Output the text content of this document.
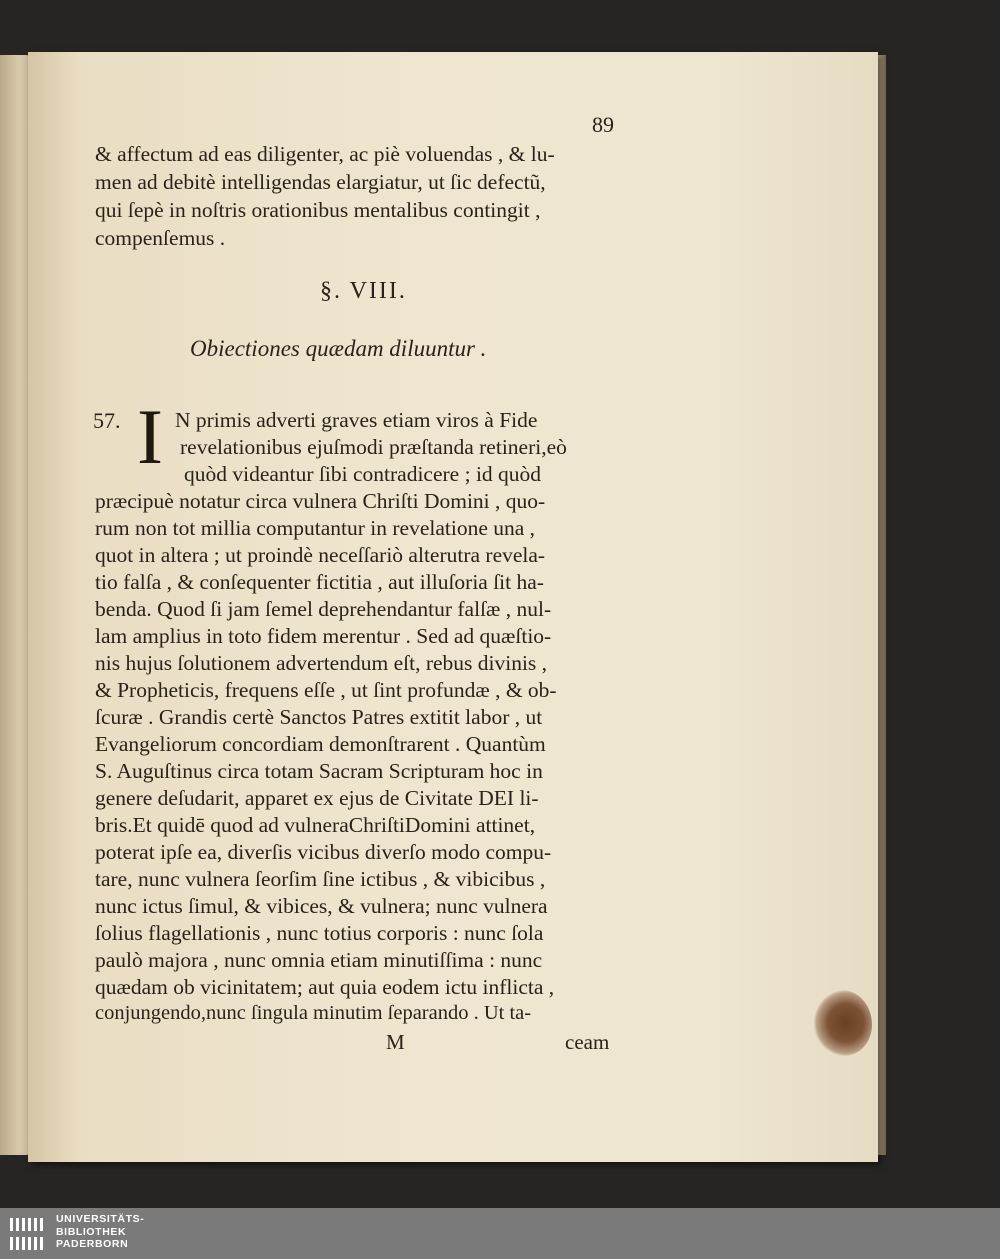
89
& affectum ad eas diligenter, ac piè voluendas , & lu-
men ad debitè intelligendas elargiatur, ut ſic defectũ,
qui ſepè in noſtris orationibus mentalibus contingit ,
compenſemus .
§. VIII.
Obiectiones quædam diluuntur .
57. I N primis adverti graves etiam viros à Fide
revelationibus ejuſmodi præſtanda retineri,eò
quòd videantur ſibi contradicere ; id quòd
præcipuè notatur circa vulnera Chriſti Domini , quo-
rum non tot millia computantur in revelatione una ,
quot in altera ; ut proindè neceſſariò alterutra revela-
tio falſa , & conſequenter fictitia , aut illuſoria ſit ha-
benda. Quod ſi jam ſemel deprehendantur falſæ , nul-
lam amplius in toto fidem merentur . Sed ad quæſtio-
nis hujus ſolutionem advertendum eſt, rebus divinis ,
& Propheticis, frequens eſſe , ut ſint profundæ , & ob-
ſcuræ . Grandis certè Sanctos Patres extitit labor , ut
Evangeliorum concordiam demonſtrarent . Quantùm
S. Auguſtinus circa totam Sacram Scripturam hoc in
genere deſudarit, apparet ex ejus de Civitate DEI li-
bris.Et quidē quod ad vulneraChriſtiDomini attinet,
poterat ipſe ea, diverſis vicibus diverſo modo compu-
tare, nunc vulnera ſeorſim ſine ictibus , & vibicibus ,
nunc ictus ſimul, & vibices, & vulnera; nunc vulnera
ſolius flagellationis , nunc totius corporis : nunc ſola
paulò majora , nunc omnia etiam minutiſſima : nunc
quædam ob vicinitatem; aut quia eodem ictu inflicta ,
conjungendo,nunc ſingula minutim ſeparando . Ut ta-
M	ceam
UNIVERSITÄTS-
BIBLIOTHEK
PADERBORN
